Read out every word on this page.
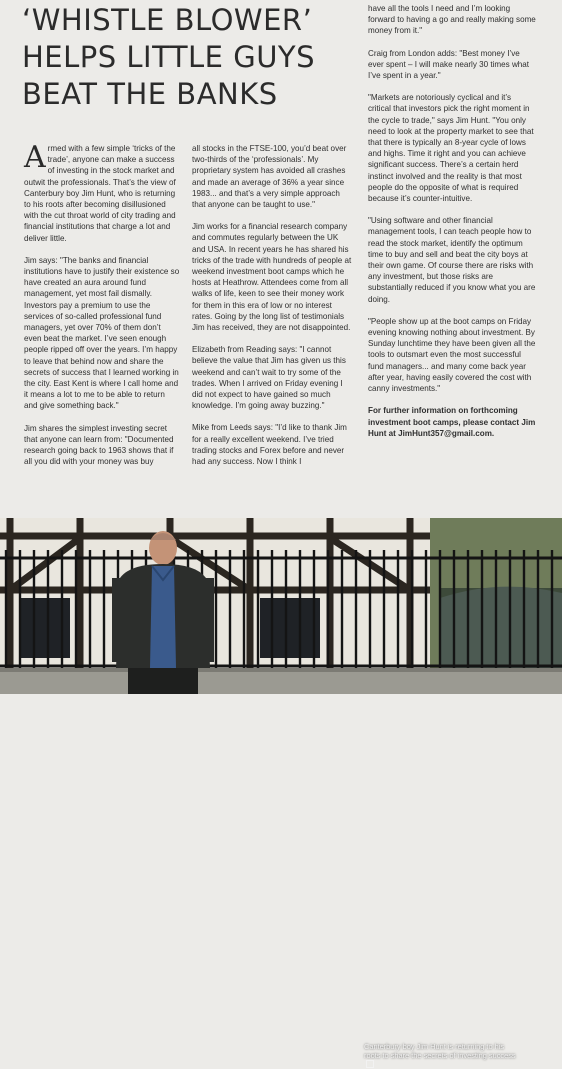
‘WHISTLE BLOWER’
HELPS LITTLE GUYS
BEAT THE BANKS

Armed with a few simple ‘tricks of the trade’, anyone can make a success of investing in the stock market and outwit the professionals. That’s the view of Canterbury boy Jim Hunt, who is returning to his roots after becoming disillusioned with the cut throat world of city trading and financial institutions that charge a lot and deliver little.

Jim says: "The banks and financial institutions have to justify their existence so have created an aura around fund management, yet most fail dismally. Investors pay a premium to use the services of so-called professional fund managers, yet over 70% of them don’t even beat the market. I’ve seen enough people ripped off over the years. I’m happy to leave that behind now and share the secrets of success that I learned working in the city. East Kent is where I call home and it means a lot to me to be able to return and give something back."

Jim shares the simplest investing secret that anyone can learn from: "Documented research going back to 1963 shows that if all you did with your money was buy

all stocks in the FTSE-100, you’d beat over two-thirds of the ‘professionals’. My proprietary system has avoided all crashes and made an average of 36% a year since 1983... and that’s a very simple approach that anyone can be taught to use."

Jim works for a financial research company and commutes regularly between the UK and USA. In recent years he has shared his tricks of the trade with hundreds of people at weekend investment boot camps which he hosts at Heathrow. Attendees come from all walks of life, keen to see their money work for them in this era of low or no interest rates. Going by the long list of testimonials Jim has received, they are not disappointed.

Elizabeth from Reading says: "I cannot believe the value that Jim has given us this weekend and can’t wait to try some of the trades. When I arrived on Friday evening I did not expect to have gained so much knowledge. I’m going away buzzing."

Mike from Leeds says: "I’d like to thank Jim for a really excellent weekend. I’ve tried trading stocks and Forex before and never had any success. Now I think I

have all the tools I need and I’m looking forward to having a go and really making some money from it."

Craig from London adds: "Best money I’ve ever spent – I will make nearly 30 times what I’ve spent in a year."

"Markets are notoriously cyclical and it’s critical that investors pick the right moment in the cycle to trade," says Jim Hunt. "You only need to look at the property market to see that that there is typically an 8-year cycle of lows and highs. Time it right and you can achieve significant success. There’s a certain herd instinct involved and the reality is that most people do the opposite of what is required because it’s counter-intuitive.

"Using software and other financial management tools, I can teach people how to read the stock market, identify the optimum time to buy and sell and beat the city boys at their own game. Of course there are risks with any investment, but those risks are substantially reduced if you know what you are doing.

"People show up at the boot camps on Friday evening knowing nothing about investment. By Sunday lunchtime they have been given all the tools to outsmart even the most successful fund managers... and many come back year after year, having easily covered the cost with canny investments."

For further information on forthcoming investment boot camps, please contact Jim Hunt at JimHunt357@gmail.com.

Canterbury boy Jim Hunt is returning to his roots to share the secrets of investing success
